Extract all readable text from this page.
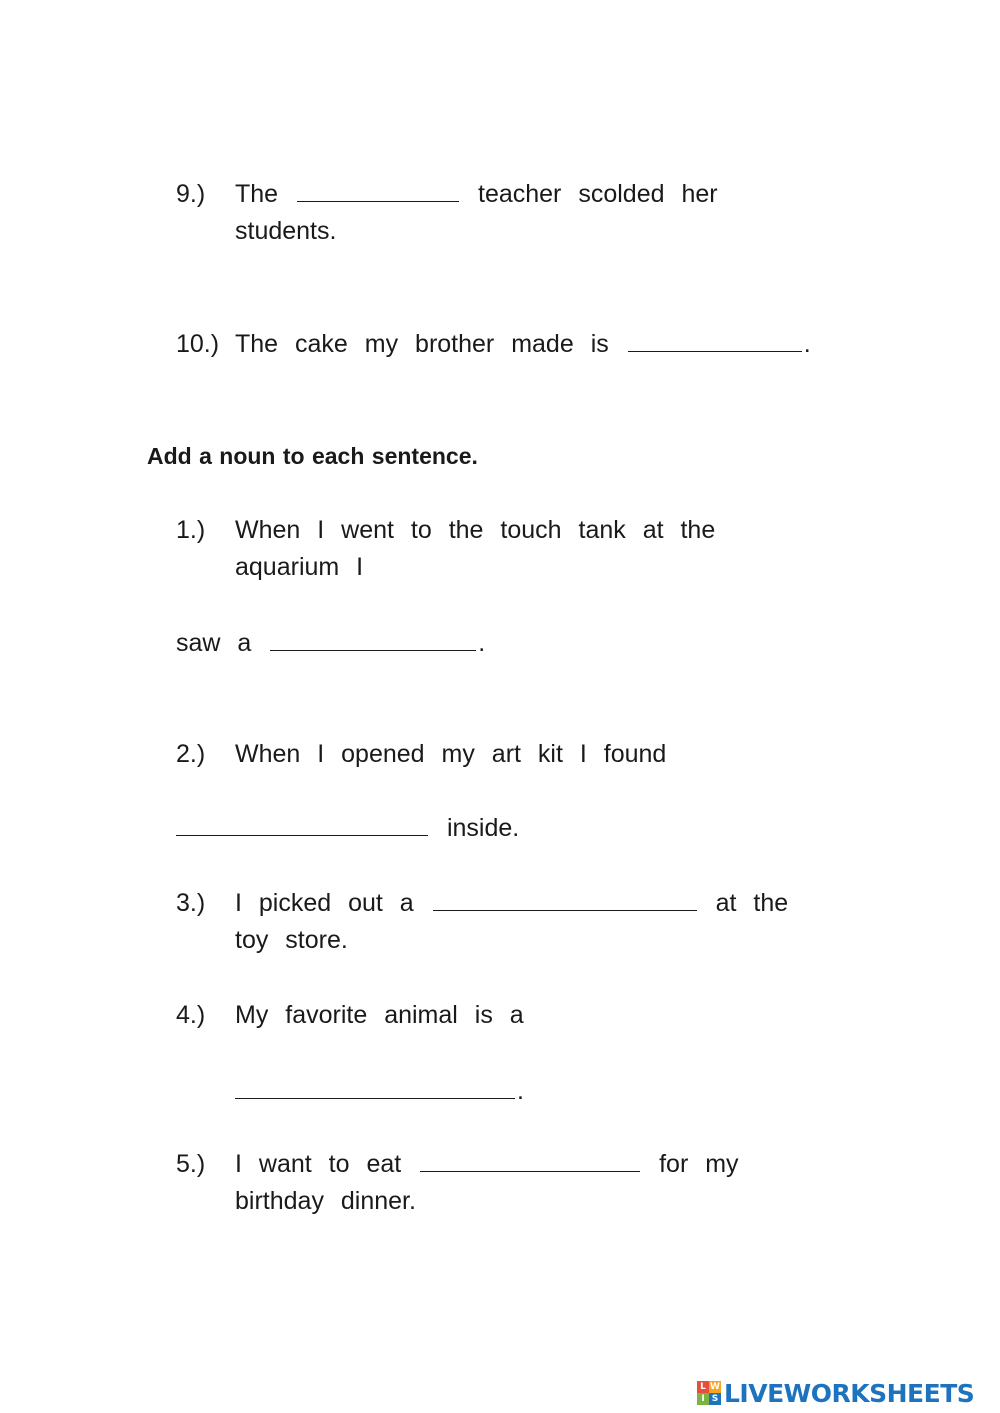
9.) The	teacher scolded her
students.
10.) The cake my brother made is	.
Add a noun to each sentence.
1.) When I went to the touch tank at the
aquarium I
saw a	.
2.) When I opened my art kit I found
inside.
3.) I picked out a	at the
toy store.
4.) My favorite animal is a
.
5.) I want to eat	for my
birthday dinner.
L W
I S LIVEWORKSHEETS
